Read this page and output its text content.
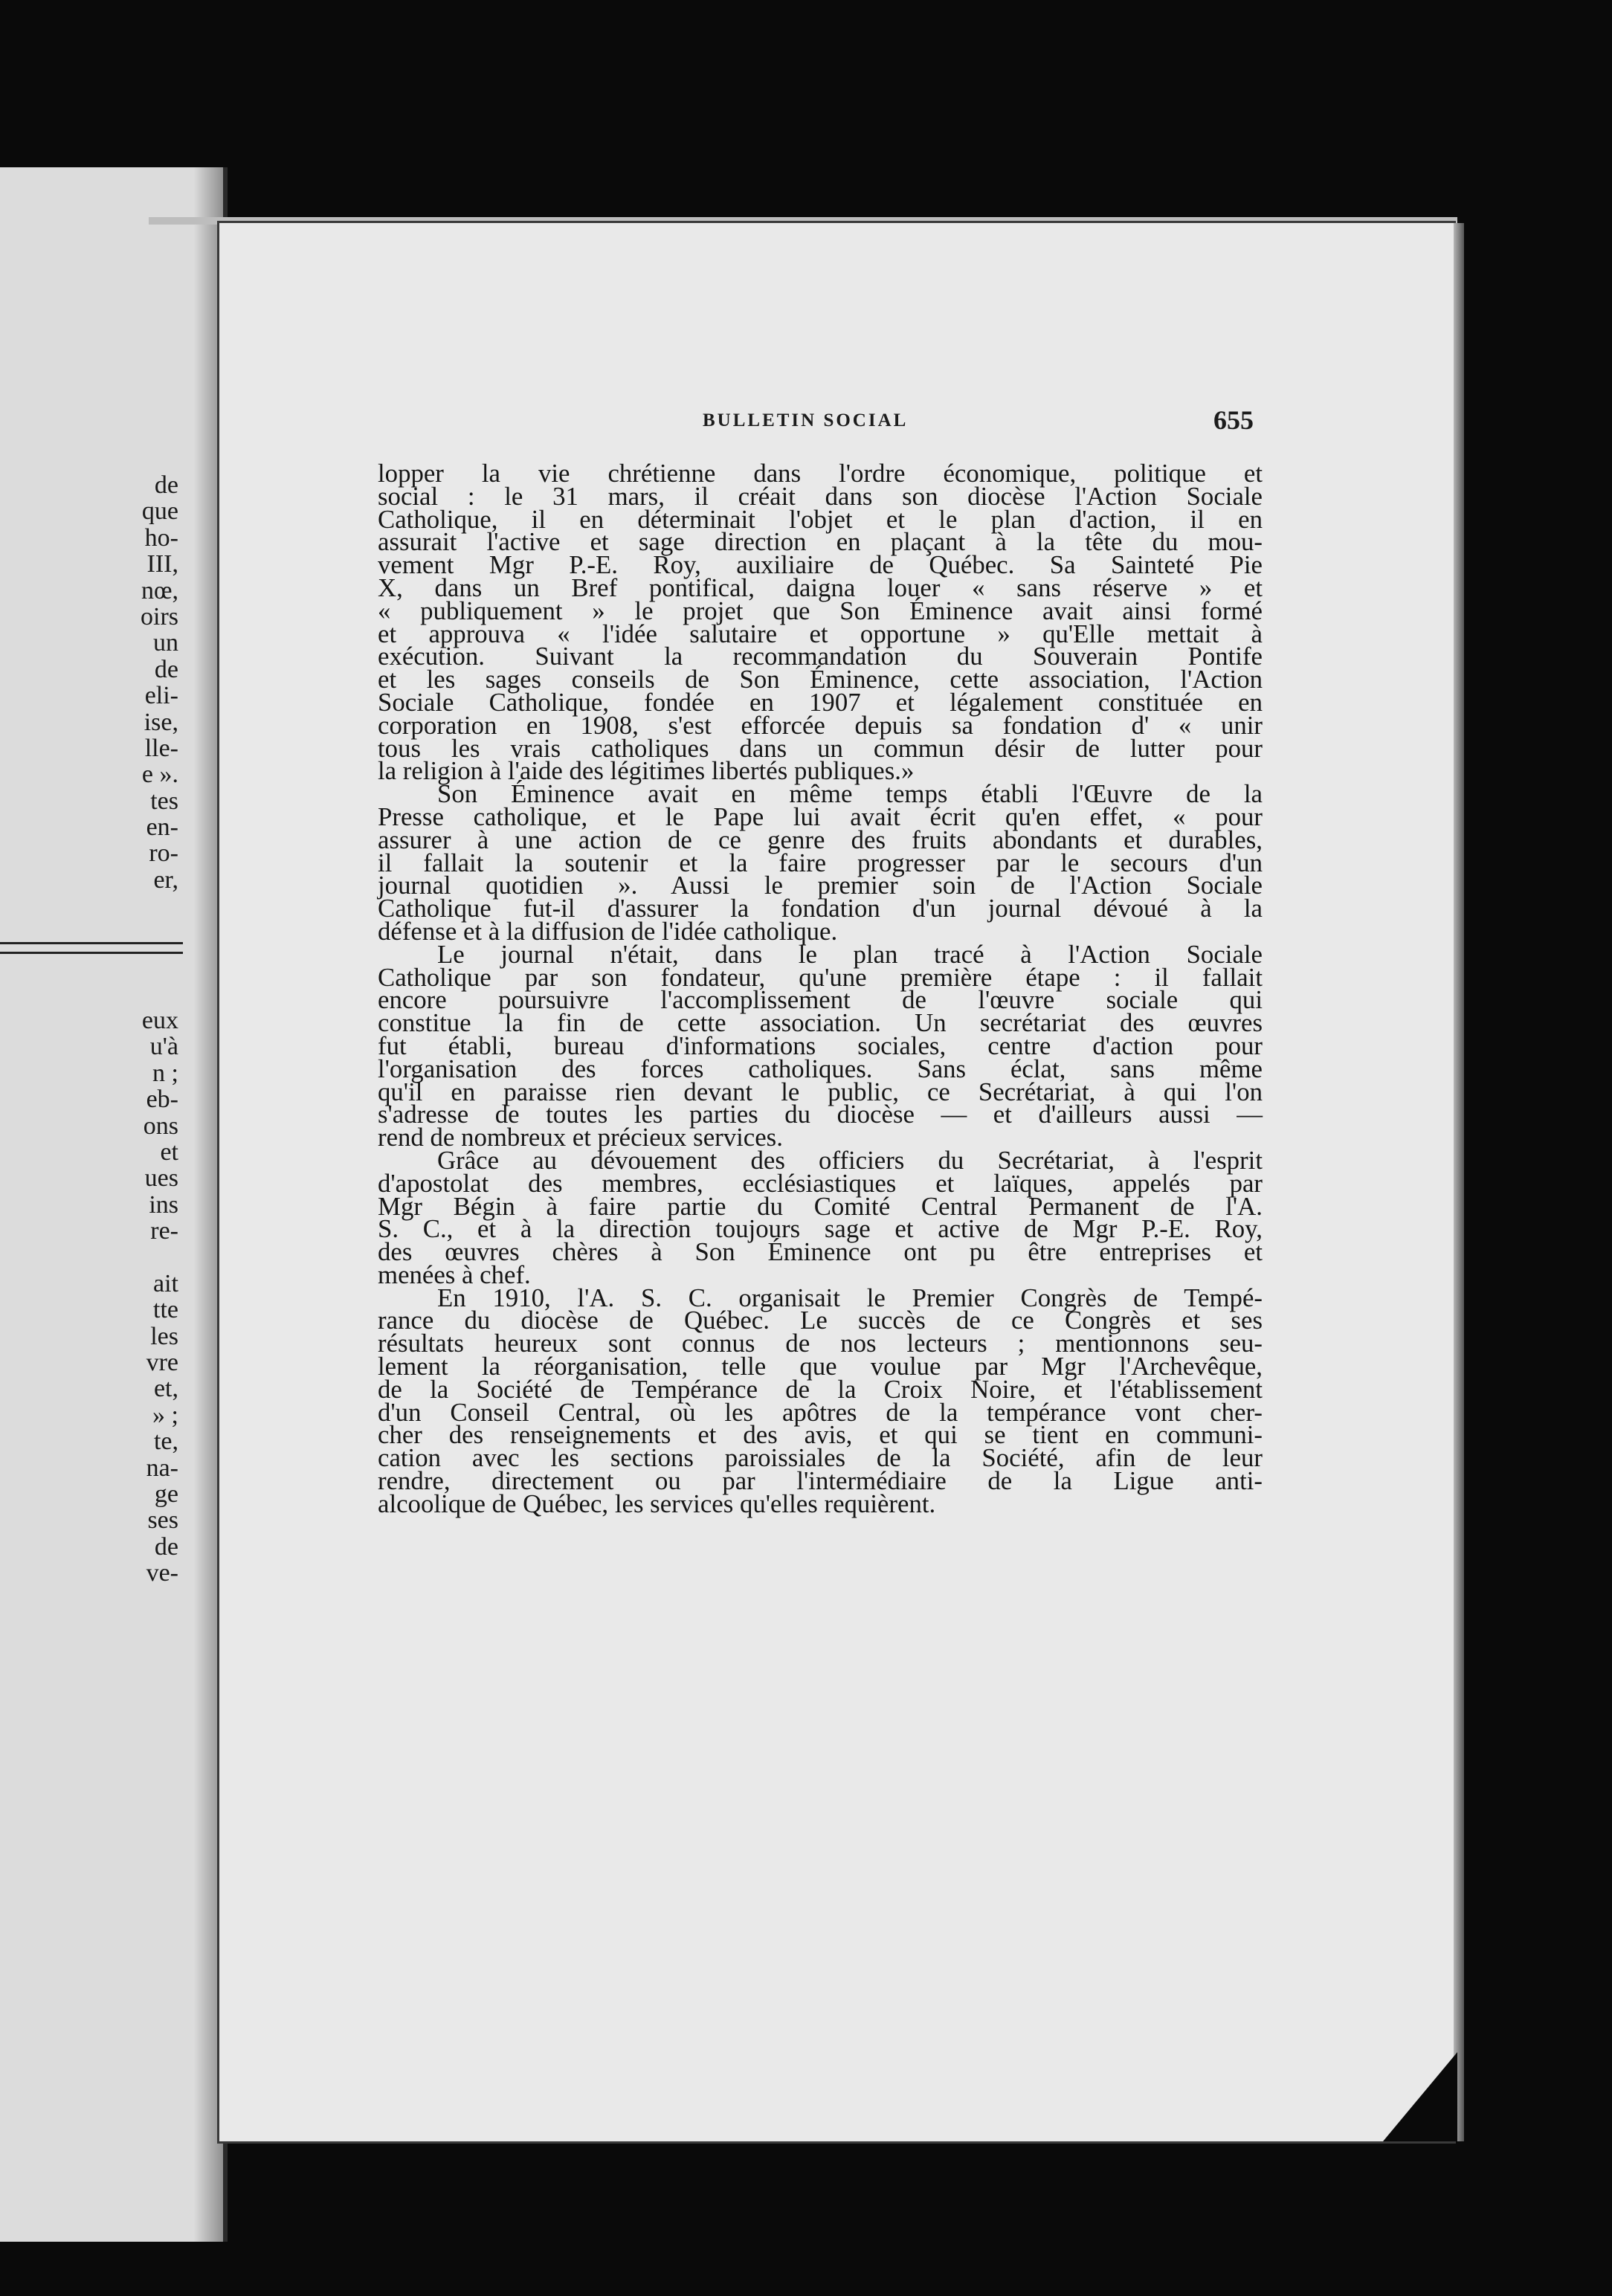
de
que
ho-
III,
nœ,
oirs
un
de
eli-
ise,
lle-
e ».
tes
en-
ro-
er,
eux
u'à
n ;
eb-
ons
et
ues
ins
re-
ait
tte
les
vre
et,
» ;
te,
na-
ge
ses
de
ve-
BULLETIN SOCIAL	655
lopper la vie chrétienne dans l'ordre économique, politique et
social : le 31 mars, il créait dans son diocèse l'Action Sociale
Catholique, il en déterminait l'objet et le plan d'action, il en
assurait l'active et sage direction en plaçant à la tête du mou-
vement Mgr P.-E. Roy, auxiliaire de Québec. Sa Sainteté Pie
X, dans un Bref pontifical, daigna louer « sans réserve » et
« publiquement » le projet que Son Éminence avait ainsi formé
et approuva « l'idée salutaire et opportune » qu'Elle mettait à
exécution. Suivant la recommandation du Souverain Pontife
et les sages conseils de Son Éminence, cette association, l'Action
Sociale Catholique, fondée en 1907 et légalement constituée en
corporation en 1908, s'est efforcée depuis sa fondation d' « unir
tous les vrais catholiques dans un commun désir de lutter pour
la religion à l'aide des légitimes libertés publiques.»
Son Éminence avait en même temps établi l'Œuvre de la
Presse catholique, et le Pape lui avait écrit qu'en effet, « pour
assurer à une action de ce genre des fruits abondants et durables,
il fallait la soutenir et la faire progresser par le secours d'un
journal quotidien ». Aussi le premier soin de l'Action Sociale
Catholique fut-il d'assurer la fondation d'un journal dévoué à la
défense et à la diffusion de l'idée catholique.
Le journal n'était, dans le plan tracé à l'Action Sociale
Catholique par son fondateur, qu'une première étape : il fallait
encore poursuivre l'accomplissement de l'œuvre sociale qui
constitue la fin de cette association. Un secrétariat des œuvres
fut établi, bureau d'informations sociales, centre d'action pour
l'organisation des forces catholiques. Sans éclat, sans même
qu'il en paraisse rien devant le public, ce Secrétariat, à qui l'on
s'adresse de toutes les parties du diocèse — et d'ailleurs aussi —
rend de nombreux et précieux services.
Grâce au dévouement des officiers du Secrétariat, à l'esprit
d'apostolat des membres, ecclésiastiques et laïques, appelés par
Mgr Bégin à faire partie du Comité Central Permanent de l'A.
S. C., et à la direction toujours sage et active de Mgr P.-E. Roy,
des œuvres chères à Son Éminence ont pu être entreprises et
menées à chef.
En 1910, l'A. S. C. organisait le Premier Congrès de Tempé-
rance du diocèse de Québec. Le succès de ce Congrès et ses
résultats heureux sont connus de nos lecteurs ; mentionnons seu-
lement la réorganisation, telle que voulue par Mgr l'Archevêque,
de la Société de Tempérance de la Croix Noire, et l'établissement
d'un Conseil Central, où les apôtres de la tempérance vont cher-
cher des renseignements et des avis, et qui se tient en communi-
cation avec les sections paroissiales de la Société, afin de leur
rendre, directement ou par l'intermédiaire de la Ligue anti-
alcoolique de Québec, les services qu'elles requièrent.
